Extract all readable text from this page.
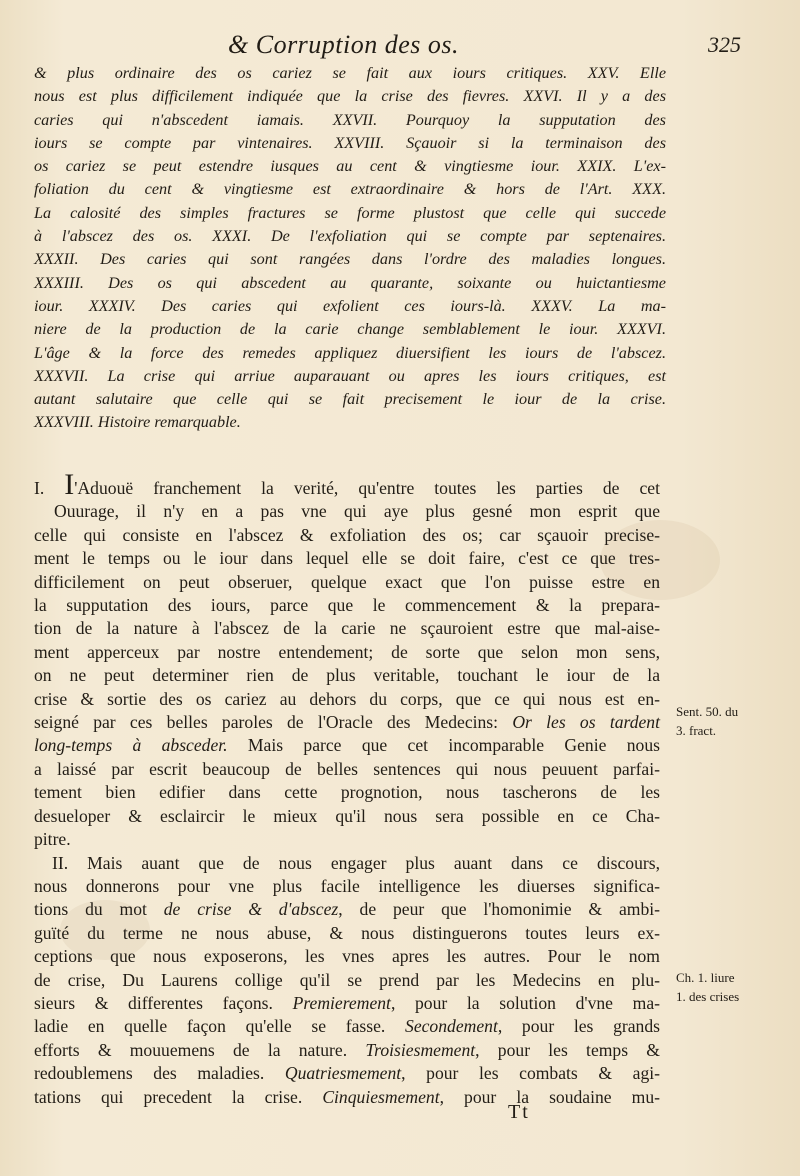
& Corruption des os.	325
& plus ordinaire des os cariez se fait aux iours critiques. XXV. Elle
nous est plus difficilement indiquée que la crise des fievres. XXVI. Il y a des
caries qui n'abscedent iamais. XXVII. Pourquoy la supputation des
iours se compte par vintenaires. XXVIII. Sçauoir si la terminaison des
os cariez se peut estendre iusques au cent & vingtiesme iour. XXIX. L'ex-
foliation du cent & vingtiesme est extraordinaire & hors de l'Art. XXX.
La calosité des simples fractures se forme plustost que celle qui succede
à l'abscez des os. XXXI. De l'exfoliation qui se compte par septenaires.
XXXII. Des caries qui sont rangées dans l'ordre des maladies longues.
XXXIII. Des os qui abscedent au quarante, soixante ou huictantiesme
iour. XXXIV. Des caries qui exfolient ces iours-là. XXXV. La ma-
niere de la production de la carie change semblablement le iour. XXXVI.
L'âge & la force des remedes appliquez diuersifient les iours de l'abscez.
XXXVII. La crise qui arriue auparauant ou apres les iours critiques, est
autant salutaire que celle qui se fait precisement le iour de la crise.
XXXVIII. Histoire remarquable.
I. I'Aduouë franchement la verité, qu'entre toutes les parties de cet
Ouurage, il n'y en a pas vne qui aye plus gesné mon esprit que
celle qui consiste en l'abscez & exfoliation des os; car sçauoir precise-
ment le temps ou le iour dans lequel elle se doit faire, c'est ce que tres-
difficilement on peut obseruer, quelque exact que l'on puisse estre en
la supputation des iours, parce que le commencement & la prepara-
tion de la nature à l'abscez de la carie ne sçauroient estre que mal-aise-
ment apperceux par nostre entendement; de sorte que selon mon sens,
on ne peut determiner rien de plus veritable, touchant le iour de la
crise & sortie des os cariez au dehors du corps, que ce qui nous est en-
seigné par ces belles paroles de l'Oracle des Medecins: Or les os tardent
long-temps à absceder. Mais parce que cet incomparable Genie nous
a laissé par escrit beaucoup de belles sentences qui nous peuuent parfai-
tement bien edifier dans cette prognotion, nous tascherons de les
desueloper & esclaircir le mieux qu'il nous sera possible en ce Cha-
pitre.
II. Mais auant que de nous engager plus auant dans ce discours,
nous donnerons pour vne plus facile intelligence les diuerses significa-
tions du mot de crise & d'abscez, de peur que l'homonimie & ambi-
guïté du terme ne nous abuse, & nous distinguerons toutes leurs ex-
ceptions que nous exposerons, les vnes apres les autres. Pour le nom
de crise, Du Laurens collige qu'il se prend par les Medecins en plu-
sieurs & differentes façons. Premierement, pour la solution d'vne ma-
ladie en quelle façon qu'elle se fasse. Secondement, pour les grands
efforts & mouuemens de la nature. Troisiesmement, pour les temps &
redoublemens des maladies. Quatriesmement, pour les combats & agi-
tations qui precedent la crise. Cinquiesmement, pour la soudaine mu-
Sent. 50. du
3. fract.
Ch. 1. liure
1. des crises
Tt
